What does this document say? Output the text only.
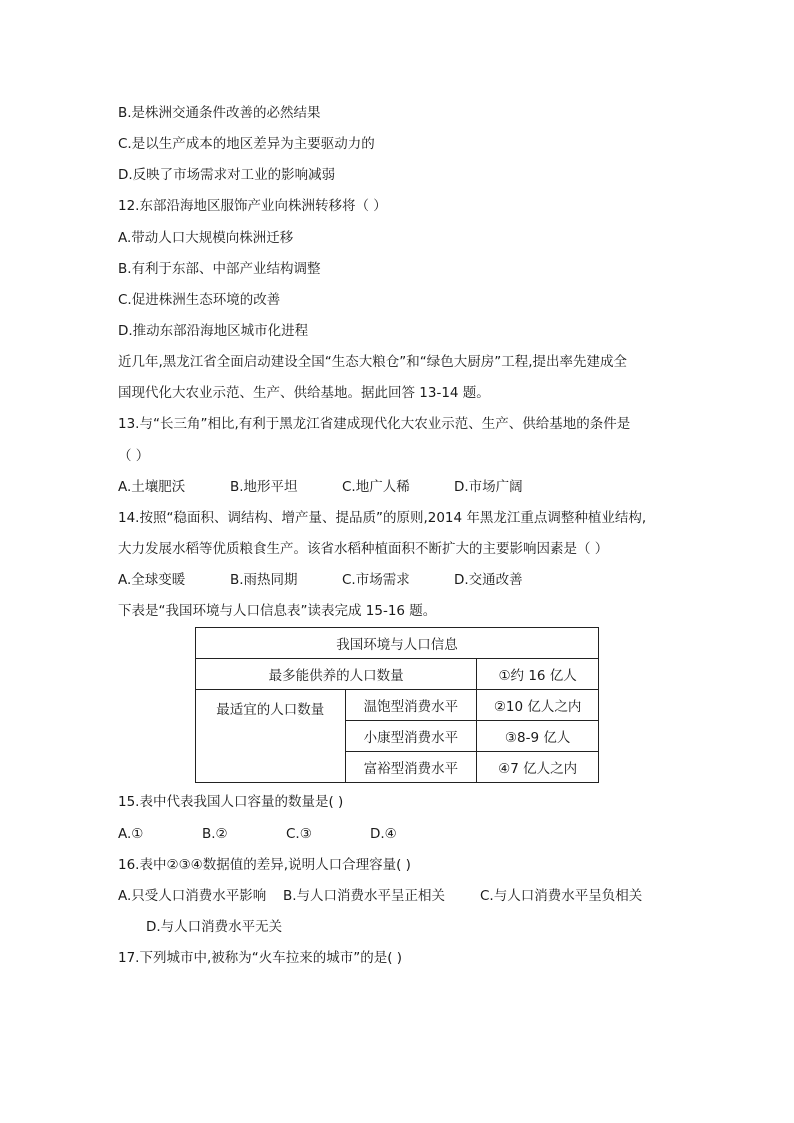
B.是株洲交通条件改善的必然结果
C.是以生产成本的地区差异为主要驱动力的
D.反映了市场需求对工业的影响减弱
12.东部沿海地区服饰产业向株洲转移将（ ）
A.带动人口大规模向株洲迁移
B.有利于东部、中部产业结构调整
C.促进株洲生态环境的改善
D.推动东部沿海地区城市化进程
近几年,黑龙江省全面启动建设全国“生态大粮仓”和“绿色大厨房”工程,提出率先建成全
国现代化大农业示范、生产、供给基地。据此回答 13-14 题。
13.与“长三角”相比,有利于黑龙江省建成现代化大农业示范、生产、供给基地的条件是
（ ）
A.土壤肥沃	B.地形平坦	C.地广人稀	D.市场广阔
14.按照“稳面积、调结构、增产量、提品质”的原则,2014 年黑龙江重点调整种植业结构,
大力发展水稻等优质粮食生产。该省水稻种植面积不断扩大的主要影响因素是（ ）
A.全球变暖	B.雨热同期	C.市场需求	D.交通改善
下表是“我国环境与人口信息表”读表完成 15-16 题。
我国环境与人口信息		
最多能供养的人口数量		①约 16 亿人
最适宜的人口数量	温饱型消费水平	②10 亿人之内
	小康型消费水平	③8-9 亿人
	富裕型消费水平	④7 亿人之内
15.表中代表我国人口容量的数量是( )
A.①	B.②	C.③	D.④
16.表中②③④数据值的差异,说明人口合理容量( )
A.只受人口消费水平影响	B.与人口消费水平呈正相关	C.与人口消费水平呈负相关
D.与人口消费水平无关
17.下列城市中,被称为“火车拉来的城市”的是( )
